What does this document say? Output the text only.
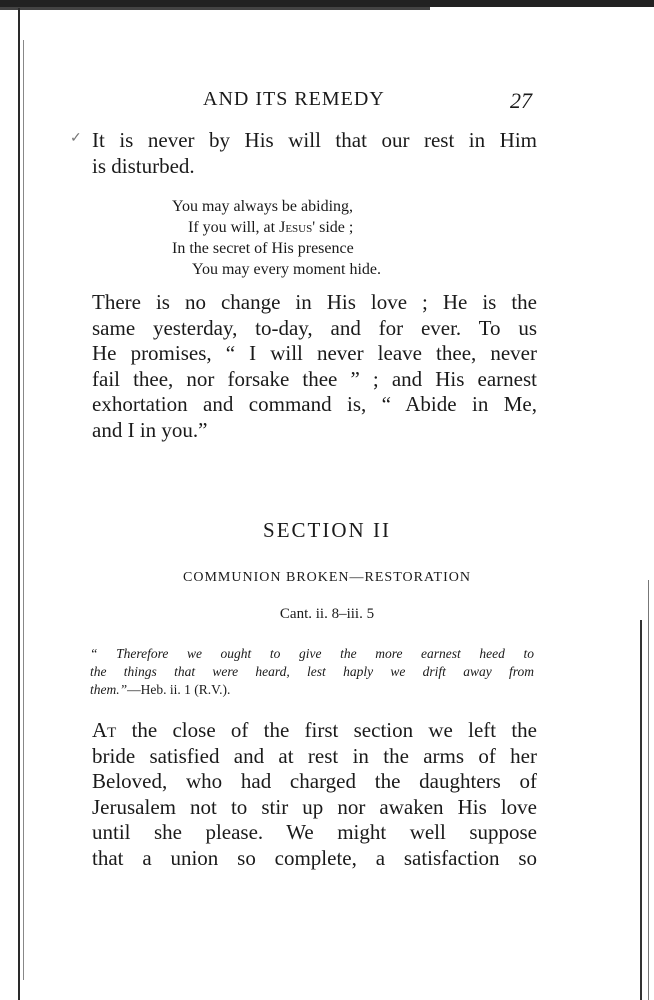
AND ITS REMEDY	27
✓ It is never by His will that our rest in Him
is disturbed.
You may always be abiding,
If you will, at Jesus' side ;
In the secret of His presence
You may every moment hide.
There is no change in His love ; He is the
same yesterday, to-day, and for ever. To us
He promises, “ I will never leave thee, never
fail thee, nor forsake thee ” ; and His earnest
exhortation and command is, “ Abide in Me,
and I in you.”
SECTION II
COMMUNION BROKEN—RESTORATION
Cant. ii. 8–iii. 5
“ Therefore we ought to give the more earnest heed to
the things that were heard, lest haply we drift away from
them.”—Heb. ii. 1 (R.V.).
At the close of the first section we left the
bride satisfied and at rest in the arms of her
Beloved, who had charged the daughters of
Jerusalem not to stir up nor awaken His love
until she please. We might well suppose
that a union so complete, a satisfaction so
